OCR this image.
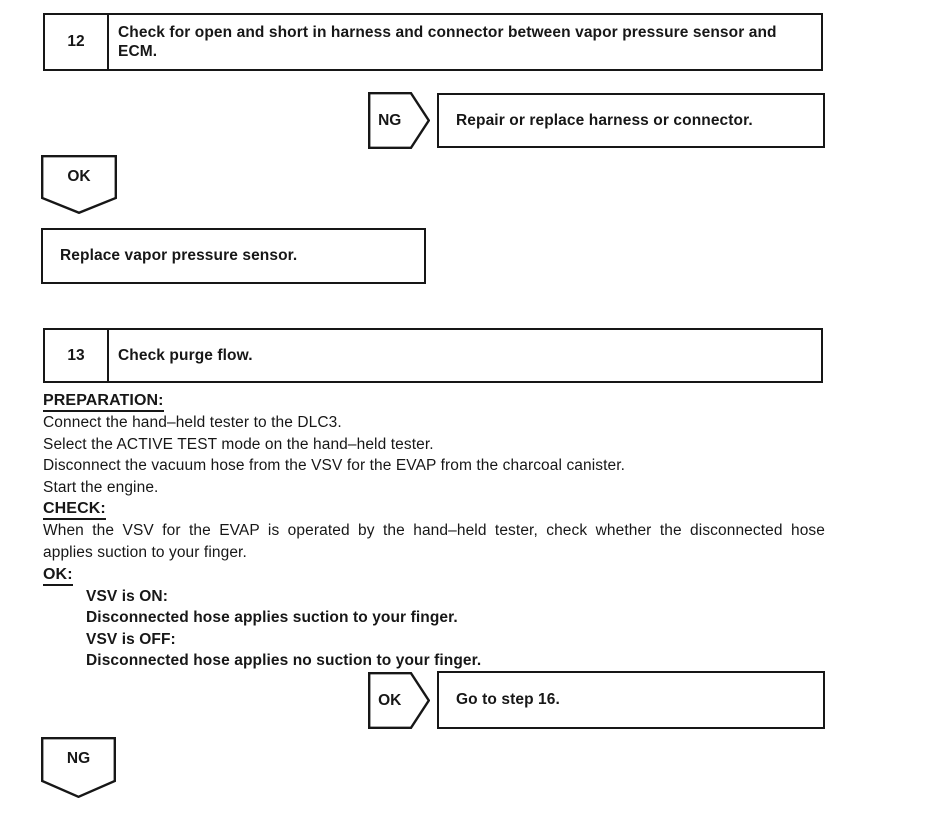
12
Check for open and short in harness and connector between vapor pressure sensor and ECM.
NG	Repair or replace harness or connector.
OK
Replace vapor pressure sensor.
13	Check purge flow.
PREPARATION:
Connect the hand–held tester to the DLC3.
Select the ACTIVE TEST mode on the hand–held tester.
Disconnect the vacuum hose from the VSV for the EVAP from the charcoal canister.
Start the engine.
CHECK:
When the VSV for the EVAP is operated by the hand–held tester, check whether the disconnected hose
applies suction to your finger.
OK:
VSV is ON:
Disconnected hose applies suction to your finger.
VSV is OFF:
Disconnected hose applies no suction to your finger.
OK	Go to step 16.
NG
